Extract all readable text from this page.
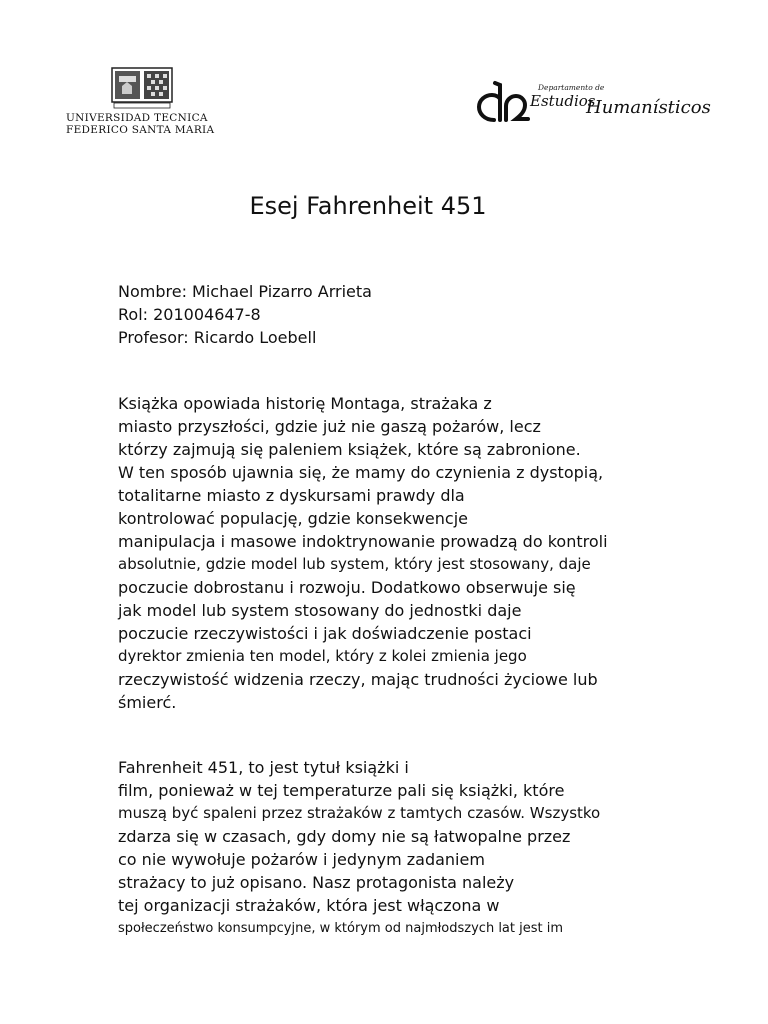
UNIVERSIDAD TECNICA
FEDERICO SANTA MARIA
Departamento de
Estudios
Humanísticos
Esej Fahrenheit 451
Nombre: Michael Pizarro Arrieta
Rol: 201004647-8
Profesor: Ricardo Loebell
Książka opowiada historię Montaga, strażaka z
miasto przyszłości, gdzie już nie gaszą pożarów, lecz
którzy zajmują się paleniem książek, które są zabronione.
W ten sposób ujawnia się, że mamy do czynienia z dystopią,
totalitarne miasto z dyskursami prawdy dla
kontrolować populację, gdzie konsekwencje
manipulacja i masowe indoktrynowanie prowadzą do kontroli
absolutnie, gdzie model lub system, który jest stosowany, daje
poczucie dobrostanu i rozwoju. Dodatkowo obserwuje się
jak model lub system stosowany do jednostki daje
poczucie rzeczywistości i jak doświadczenie postaci
dyrektor zmienia ten model, który z kolei zmienia jego
rzeczywistość widzenia rzeczy, mając trudności życiowe lub
śmierć.
Fahrenheit 451, to jest tytuł książki i
film, ponieważ w tej temperaturze pali się książki, które
muszą być spaleni przez strażaków z tamtych czasów. Wszystko
zdarza się w czasach, gdy domy nie są łatwopalne przez
co nie wywołuje pożarów i jedynym zadaniem
strażacy to już opisano. Nasz protagonista należy
tej organizacji strażaków, która jest włączona w
społeczeństwo konsumpcyjne, w którym od najmłodszych lat jest im
